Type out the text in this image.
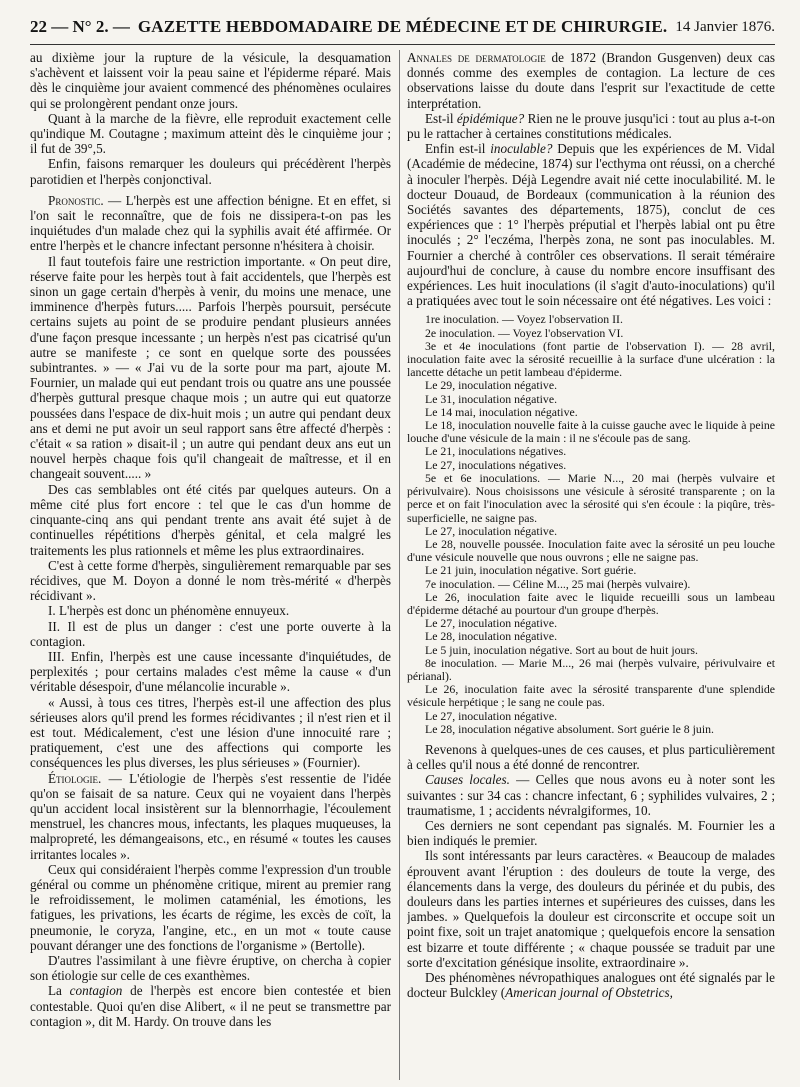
22 — N° 2. — GAZETTE HEBDOMADAIRE DE MÉDECINE ET DE CHIRURGIE. 14 Janvier 1876.

au dixième jour la rupture de la vésicule, la desquamation s'achèvent et laissent voir la peau saine et l'épiderme réparé. Mais dès le cinquième jour avaient commencé des phénomènes oculaires qui se prolongèrent pendant onze jours.

Quant à la marche de la fièvre, elle reproduit exactement celle qu'indique M. Coutagne ; maximum atteint dès le cinquième jour ; il fut de 39°,5.

Enfin, faisons remarquer les douleurs qui précédèrent l'herpès parotidien et l'herpès conjonctival.

Pronostic. — L'herpès est une affection bénigne. Et en effet, si l'on sait le reconnaître, que de fois ne dissipera-t-on pas les inquiétudes d'un malade chez qui la syphilis avait été affirmée. Or entre l'herpès et le chancre infectant personne n'hésitera à choisir.

Il faut toutefois faire une restriction importante. « On peut dire, réserve faite pour les herpès tout à fait accidentels, que l'herpès est sinon un gage certain d'herpès à venir, du moins une menace, une imminence d'herpès futurs..... Parfois l'herpès poursuit, persécute certains sujets au point de se produire pendant plusieurs années d'une façon presque incessante ; un herpès n'est pas cicatrisé qu'un autre se manifeste ; ce sont en quelque sorte des poussées subintrantes. » — « J'ai vu de la sorte pour ma part, ajoute M. Fournier, un malade qui eut pendant trois ou quatre ans une poussée d'herpès guttural presque chaque mois ; un autre qui eut quatorze poussées dans l'espace de dix-huit mois ; un autre qui pendant deux ans et demi ne put avoir un seul rapport sans être affecté d'herpès : c'était « sa ration » disait-il ; un autre qui pendant deux ans eut un nouvel herpès chaque fois qu'il changeait de maîtresse, et il en changeait souvent..... »

Des cas semblables ont été cités par quelques auteurs. On a même cité plus fort encore : tel que le cas d'un homme de cinquante-cinq ans qui pendant trente ans avait été sujet à de continuelles répétitions d'herpès génital, et cela malgré les traitements les plus rationnels et même les plus extraordinaires.

C'est à cette forme d'herpès, singulièrement remarquable par ses récidives, que M. Doyon a donné le nom très-mérité « d'herpès récidivant ».

I. L'herpès est donc un phénomène ennuyeux.

II. Il est de plus un danger : c'est une porte ouverte à la contagion.

III. Enfin, l'herpès est une cause incessante d'inquiétudes, de perplexités ; pour certains malades c'est même la cause « d'un véritable désespoir, d'une mélancolie incurable ».

« Aussi, à tous ces titres, l'herpès est-il une affection des plus sérieuses alors qu'il prend les formes récidivantes ; il n'est rien et il est tout. Médicalement, c'est une lésion d'une innocuité rare ; pratiquement, c'est une des affections qui comporte les conséquences les plus diverses, les plus sérieuses » (Fournier).

Étiologie. — L'étiologie de l'herpès s'est ressentie de l'idée qu'on se faisait de sa nature. Ceux qui ne voyaient dans l'herpès qu'un accident local insistèrent sur la blennorrhagie, l'écoulement menstruel, les chancres mous, infectants, les plaques muqueuses, la malpropreté, les démangeaisons, etc., en résumé « toutes les causes irritantes locales ».

Ceux qui considéraient l'herpès comme l'expression d'un trouble général ou comme un phénomène critique, mirent au premier rang le refroidissement, le molimen cataménial, les émotions, les fatigues, les privations, les écarts de régime, les excès de coït, la pneumonie, le coryza, l'angine, etc., en un mot « toute cause pouvant déranger une des fonctions de l'organisme » (Bertolle).

D'autres l'assimilant à une fièvre éruptive, on chercha à copier son étiologie sur celle de ces exanthèmes.

La contagion de l'herpès est encore bien contestée et bien contestable. Quoi qu'en dise Alibert, « il ne peut se transmettre par contagion », dit M. Hardy. On trouve dans les

Annales de dermatologie de 1872 (Brandon Gusgenven) deux cas donnés comme des exemples de contagion. La lecture de ces observations laisse du doute dans l'esprit sur l'exactitude de cette interprétation.

Est-il épidémique? Rien ne le prouve jusqu'ici : tout au plus a-t-on pu le rattacher à certaines constitutions médicales.

Enfin est-il inoculable? Depuis que les expériences de M. Vidal (Académie de médecine, 1874) sur l'ecthyma ont réussi, on a cherché à inoculer l'herpès. Déjà Legendre avait nié cette inoculabilité. M. le docteur Douaud, de Bordeaux (communication à la réunion des Sociétés savantes des départements, 1875), conclut de ces expériences que : 1° l'herpès préputial et l'herpès labial ont pu être inoculés ; 2° l'eczéma, l'herpès zona, ne sont pas inoculables. M. Fournier a cherché à contrôler ces observations. Il serait téméraire aujourd'hui de conclure, à cause du nombre encore insuffisant des expériences. Les huit inoculations (il s'agit d'auto-inoculations) qu'il a pratiquées avec tout le soin nécessaire ont été négatives. Les voici :

1re inoculation. — Voyez l'observation II.

2e inoculation. — Voyez l'observation VI.

3e et 4e inoculations (font partie de l'observation I). — 28 avril, inoculation faite avec la sérosité recueillie à la surface d'une ulcération : la lancette détache un petit lambeau d'épiderme.

Le 29, inoculation négative.

Le 31, inoculation négative.

Le 14 mai, inoculation négative.

Le 18, inoculation nouvelle faite à la cuisse gauche avec le liquide à peine louche d'une vésicule de la main : il ne s'écoule pas de sang.

Le 21, inoculations négatives.

Le 27, inoculations négatives.

5e et 6e inoculations. — Marie N..., 20 mai (herpès vulvaire et périvulvaire). Nous choisissons une vésicule à sérosité transparente ; on la perce et on fait l'inoculation avec la sérosité qui s'en écoule : la piqûre, très-superficielle, ne saigne pas.

Le 27, inoculation négative.

Le 28, nouvelle poussée. Inoculation faite avec la sérosité un peu louche d'une vésicule nouvelle que nous ouvrons ; elle ne saigne pas.

Le 21 juin, inoculation négative. Sort guérie.

7e inoculation. — Céline M..., 25 mai (herpès vulvaire).

Le 26, inoculation faite avec le liquide recueilli sous un lambeau d'épiderme détaché au pourtour d'un groupe d'herpès.

Le 27, inoculation négative.

Le 28, inoculation négative.

Le 5 juin, inoculation négative. Sort au bout de huit jours.

8e inoculation. — Marie M..., 26 mai (herpès vulvaire, périvulvaire et périanal).

Le 26, inoculation faite avec la sérosité transparente d'une splendide vésicule herpétique ; le sang ne coule pas.

Le 27, inoculation négative.

Le 28, inoculation négative absolument. Sort guérie le 8 juin.

Revenons à quelques-unes de ces causes, et plus particulièrement à celles qu'il nous a été donné de rencontrer.

Causes locales. — Celles que nous avons eu à noter sont les suivantes : sur 34 cas : chancre infectant, 6 ; syphilides vulvaires, 2 ; traumatisme, 1 ; accidents névralgiformes, 10.

Ces derniers ne sont cependant pas signalés. M. Fournier les a bien indiqués le premier.

Ils sont intéressants par leurs caractères. « Beaucoup de malades éprouvent avant l'éruption : des douleurs de toute la verge, des élancements dans la verge, des douleurs du périnée et du pubis, des douleurs dans les parties internes et supérieures des cuisses, dans les jambes. » Quelquefois la douleur est circonscrite et occupe soit un point fixe, soit un trajet anatomique ; quelquefois encore la sensation est bizarre et toute différente ; « chaque poussée se traduit par une sorte d'excitation génésique insolite, extraordinaire ».

Des phénomènes névropathiques analogues ont été signalés par le docteur Bulckley (American journal of Obstetrics,
